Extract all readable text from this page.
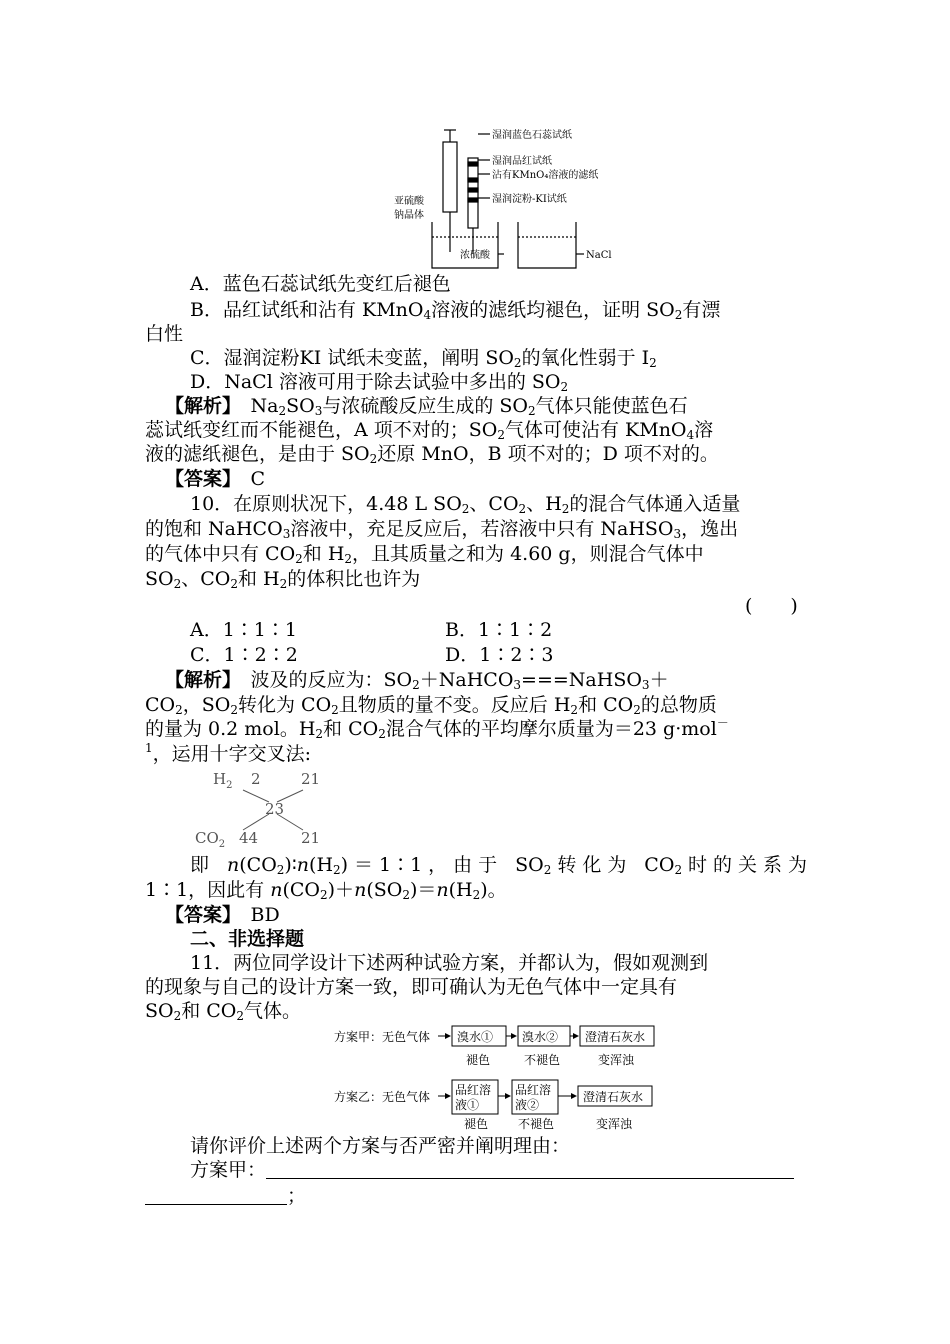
湿润蓝色石蕊试纸
湿润品红试纸
沾有KMnO₄溶液的滤纸
湿润淀粉-KI试纸
亚硫酸
钠晶体
浓硫酸	NaCl
A．蓝色石蕊试纸先变红后褪色
B．品红试纸和沾有 KMnO$_4$溶液的滤纸均褪色，证明 $SO_2$有漂
白性
C．湿润淀粉KI 试纸未变蓝，阐明 $SO_2$的氧化性弱于 $I_2$
D．NaCl 溶液可用于除去试验中多出的 $SO_2$
【解析】　 $Na_2SO_3$与浓硫酸反应生成的 $SO_2$气体只能使蓝色石
蕊试纸变红而不能褪色，A 项不对的；$SO_2$气体可使沾有 KMnO$_4$溶
液的滤纸褪色，是由于 $SO_2$还原 MnO，B 项不对的；D 项不对的。
【答案】　 C
10．在原则状况下，4.48 L $SO_2$、$CO_2$、$H_2$的混合气体通入适量
的饱和 NaHCO$_3$溶液中，充足反应后，若溶液中只有 NaHSO$_3$，逸出
的气体中只有 $CO_2$和 $H_2$，且其质量之和为 4.60 g，则混合气体中
$SO_2$、$CO_2$和 $H_2$的体积比也许为
(　　)
A．1∶1∶1	B．1∶1∶2
C．1∶2∶2	D．1∶2∶3
【解析】　 波及的反应为：$SO_2+NaHCO_3===NaHSO_3+$
$CO_2$，$SO_2$转化为 $CO_2$且物质的量不变。反应后 $H_2$和 $CO_2$的总物质
的量为 0.2 mol。$H_2$和 $CO_2$混合气体的平均摩尔质量为＝23 g·mol－
$^1$，运用十字交叉法:
$H_2$ 2	21
23
$CO_2$ 44	21
即 $n(CO_2)∶n(H_2)=1∶1$，由于 $SO_2$转化为 $CO_2$时的关系为
1∶1，因此有 $n(CO_2)+n(SO_2)=n(H_2)$。
【答案】　 BD
二、非选择题
11．两位同学设计下述两种试验方案，并都认为，假如观测到
的现象与自己的设计方案一致，即可确认为无色气体中一定具有
$SO_2$和 $CO_2$气体。
方案甲：无色气体 溴水① 溴水② 澄清石灰水
褪色	不褪色	变浑浊
方案乙：无色气体 品红溶
液①
品红溶
液②
澄清石灰水
褪色 不褪色	变浑浊
请你评价上述两个方案与否严密并阐明理由：
方案甲：
；
